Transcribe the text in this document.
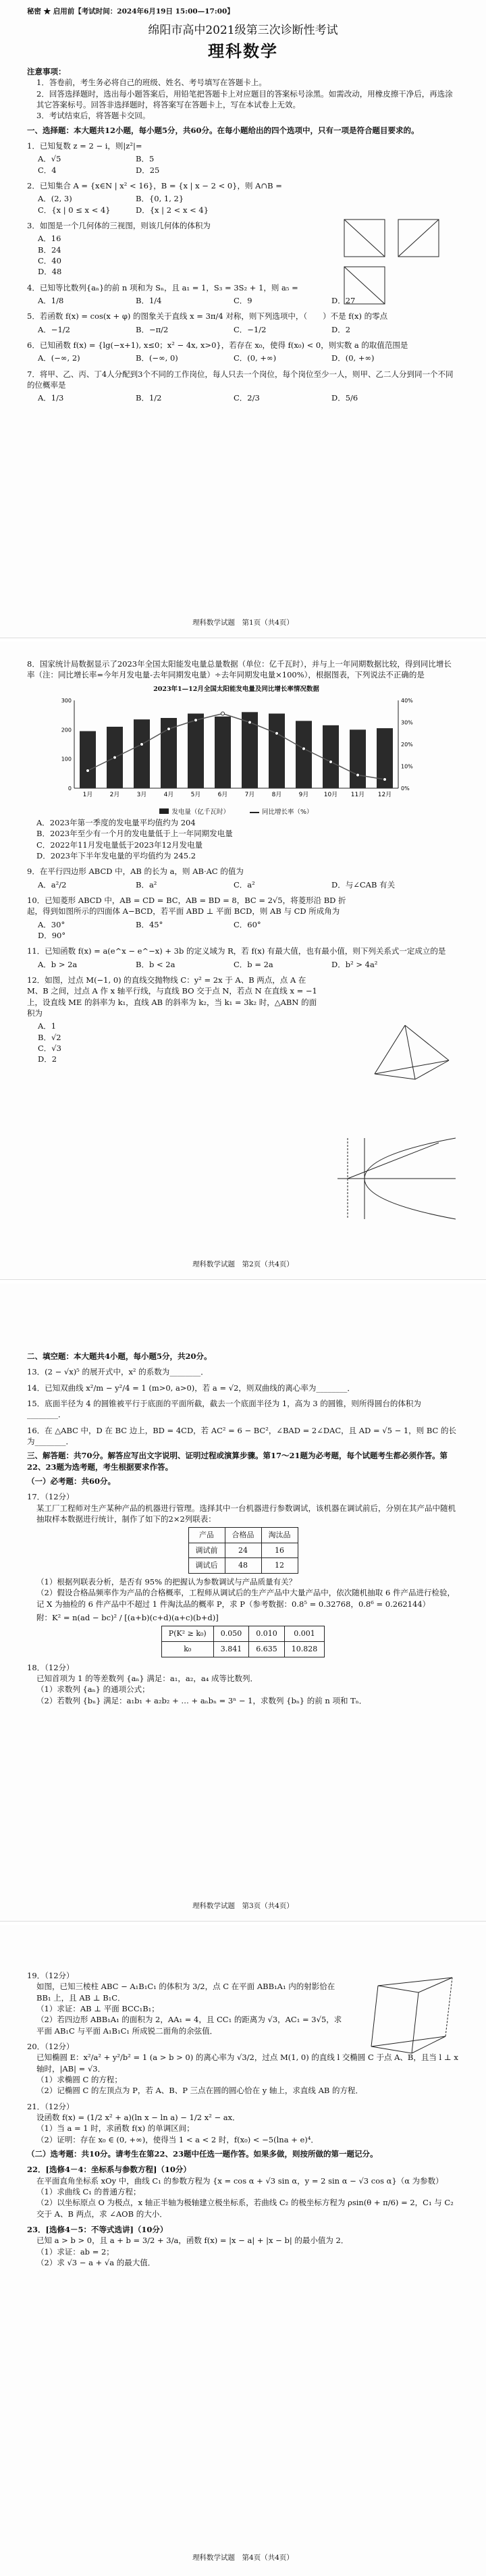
秘密 ★ 启用前【考试时间：2024年6月19日 15:00—17:00】
绵阳市高中2021级第三次诊断性考试
理科数学
注意事项：
1．答卷前，考生务必将自己的班级、姓名、考号填写在答题卡上。
2．回答选择题时，选出每小题答案后，用铅笔把答题卡上对应题目的答案标号涂黑。如需改动，用橡皮擦干净后，再选涂其它答案标号。回答非选择题时，将答案写在答题卡上，写在本试卷上无效。
3．考试结束后，将答题卡交回。
一、选择题：本大题共12小题，每小题5分，共60分。在每小题给出的四个选项中，只有一项是符合题目要求的。
1．已知复数 z = 2 − i，则|z²|=
A．√5	B．5
C．4	D．25
2．已知集合 A = {x∈N | x² < 16}，B = {x | x − 2 < 0}，则 A∩B =
A．(2, 3)	B．{0, 1, 2}
C．{x | 0 ≤ x < 4}	D．{x | 2 < x < 4}
3．如图是一个几何体的三视图，则该几何体的体积为
A．16
B．24
C．40
D．48
4．已知等比数列{aₙ}的前 n 项和为 Sₙ，且 a₁ = 1，S₃ = 3S₂ + 1，则 a₅ =
A．1/8	B．1/4	C．9	D．27
5．若函数 f(x) = cos(x + φ) 的图象关于直线 x = 3π/4 对称，则下列选项中，（　　）不是 f(x) 的零点
A．−1/2	B．−π/2	C．−1/2	D．2
6．已知函数 f(x) = {lg(−x+1), x≤0；x² − 4x, x>0}，若存在 x₀，使得 f(x₀) < 0，则实数 a 的取值范围是
A．(−∞, 2)	B．(−∞, 0)	C．(0, +∞)	D．(0, +∞)
7．将甲、乙、丙、丁4人分配到3个不同的工作岗位，每人只去一个岗位，每个岗位至少一人，则甲、乙二人分到同一个不同的位概率是
A．1/3	B．1/2	C．2/3	D．5/6
理科数学试题　第1页（共4页）
8．国家统计局数据显示了2023年全国太阳能发电量总量数据（单位：亿千瓦时），并与上一年同期数据比较，得到同比增长率（注：同比增长率=今年月发电量-去年同期发电量）÷去年同期发电量×100%），根据图表，下列说法不正确的是
2023年1—12月全国太阳能发电量及同比增长率情况数据
1月	2月	3月	4月	5月	6月	7月	8月	9月 10月 11月 12月
0
100
200
300
0%
10%
20%
30%
40%
发电量（亿千瓦时）	同比增长率（%）
A．2023年第一季度的发电量平均值约为 204
B．2023年至少有一个月的发电量低于上一年同期发电量
C．2022年11月发电量低于2023年12月发电量
D．2023年下半年发电量的平均值约为 245.2
9．在平行四边形 ABCD 中，AB 的长为 a，则 AB·AC 的值为
A．a²/2	B．a²	C．a²	D．与∠CAB 有关
10．已知菱形 ABCD 中，AB = CD = BC，AB = BD = 8，BC = 2√5，将菱形沿 BD 折起，得到如图所示的四面体 A−BCD，若平面 ABD ⊥ 平面 BCD，则 AB 与 CD 所成角为
A．30°	B．45°	C．60°
D．90°
11．已知函数 f(x) = a(e^x − e^−x) + 3b 的定义域为 R，若 f(x) 有最大值，也有最小值，则下列关系式一定成立的是
A．b > 2a	B．b < 2a	C．b = 2a	D．b² > 4a²
12．如图，过点 M(−1, 0) 的直线交抛物线 C：y² = 2x 于 A、B 两点，点 A 在 M、B 之间，过点 A 作 x 轴平行线，与直线 BO 交于点 N，若点 N 在直线 x = −1 上，设直线 ME 的斜率为 k₁，直线 AB 的斜率为 k₂，当 k₁ = 3k₂ 时，△ABN 的面积为
A．1
B．√2
C．√3
D．2
理科数学试题　第2页（共4页）
二、填空题：本大题共4小题，每小题5分，共20分。
13．(2 − √x)⁵ 的展开式中，x² 的系数为________．
14．已知双曲线 x²/m − y²/4 = 1 (m>0, a>0)，若 a = √2，则双曲线的离心率为________．
15．底面半径为 4 的圆锥被平行于底面的平面所截，截去一个底面半径为 1，高为 3 的圆锥，则所得圆台的体积为________．
16．在 △ABC 中，D 在 BC 边上，BD = 4CD，若 AC² = 6 − BC²，∠BAD = 2∠DAC，且 AD = √5 − 1，则 BC 的长为________．
三、解答题：共70分。解答应写出文字说明、证明过程或演算步骤。第17～21题为必考题，每个试题考生都必须作答。第22、23题为选考题，考生根据要求作答。
（一）必考题：共60分。
17．（12分）
某工厂工程师对生产某种产品的机器进行管理。选择其中一台机器进行参数调试，该机器在调试前后，分别在其产品中随机抽取样本数据进行统计，制作了如下的2×2列联表：
产品	合格品	淘汰品
调试前	24	16
调试后	48	12
（1）根据列联表分析，是否有 95% 的把握认为参数调试与产品质量有关？
（2）假设合格品频率作为产品的合格概率，工程师从调试后的生产产品中大量产品中，依次随机抽取 6 件产品进行检验，记 X 为抽检的 6 件产品中不超过 1 件淘汰品的概率 P，求 P（参考数据：0.8⁵ = 0.32768，0.8⁶ = 0.262144）
附：K² = n(ad − bc)² / [(a+b)(c+d)(a+c)(b+d)]
P(K² ≥ k₀)	0.050	0.010	0.001
k₀	3.841	6.635	10.828
18．（12分）
已知首项为 1 的等差数列 {aₙ} 满足：a₁，a₂，a₄ 成等比数列．
（1）求数列 {aₙ} 的通项公式；
（2）若数列 {bₙ} 满足：a₁b₁ + a₂b₂ + … + aₙbₙ = 3ⁿ − 1，求数列 {bₙ} 的前 n 项和 Tₙ．
理科数学试题　第3页（共4页）
19．（12分）
如图，已知三棱柱 ABC − A₁B₁C₁ 的体积为 3/2，点 C 在平面 ABB₁A₁ 内的射影恰在 BB₁ 上，且 AB ⊥ B₁C．
（1）求证：AB ⊥ 平面 BCC₁B₁；
（2）若四边形 ABB₁A₁ 的面积为 2，AA₁ = 4，且 CC₁ 的距离为 √3，AC₁ = 3√5，求平面 AB₁C 与平面 A₁B₁C₁ 所成锐二面角的余弦值．
20．（12分）
已知椭圆 E：x²/a² + y²/b² = 1 (a > b > 0) 的离心率为 √3/2，过点 M(1, 0) 的直线 l 交椭圆 C 于点 A、B，且当 l ⊥ x 轴时，|AB| = √3．
（1）求椭圆 C 的方程；
（2）记椭圆 C 的左顶点为 P，若 A、B、P 三点在圆的圆心恰在 y 轴上，求直线 AB 的方程．
21．（12分）
设函数 f(x) = (1/2 x² + a)(ln x − ln a) − 1/2 x² − ax．
（1）当 a = 1 时，求函数 f(x) 的单调区间；
（2）证明：存在 x₀ ∈ (0, +∞)，使得当 1 < a < 2 时，f(x₀) < −5(lna + e)⁴．
（二）选考题：共10分。请考生在第22、23题中任选一题作答。如果多做，则按所做的第一题记分。
22．[选修4－4：坐标系与参数方程]（10分）
在平面直角坐标系 xOy 中，曲线 C₁ 的参数方程为 {x = cos α + √3 sin α，y = 2 sin α − √3 cos α}（α 为参数）
（1）求曲线 C₁ 的普通方程；
（2）以坐标原点 O 为极点，x 轴正半轴为极轴建立极坐标系，若曲线 C₂ 的极坐标方程为 ρsin(θ + π/6) = 2，C₁ 与 C₂ 交于 A、B 两点，求 ∠AOB 的大小．
23．[选修4－5：不等式选讲]（10分）
已知 a > b > 0，且 a + b = 3/2 + 3/a，函数 f(x) = |x − a| + |x − b| 的最小值为 2．
（1）求证：ab = 2；
（2）求 √3 − a + √a 的最大值．
理科数学试题　第4页（共4页）
